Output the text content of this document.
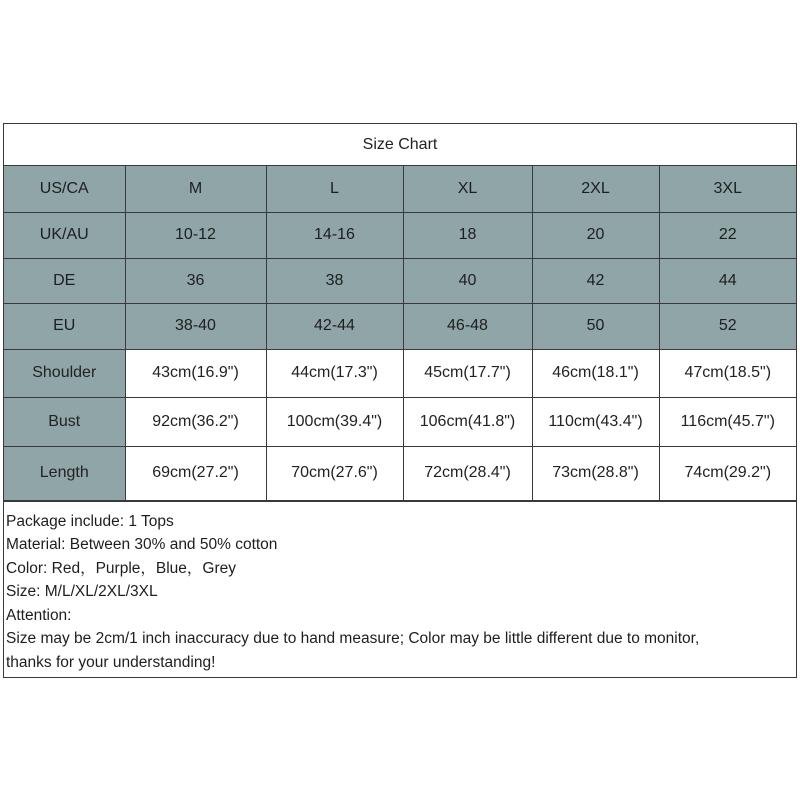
Size Chart
US/CA	M	L	XL	2XL	3XL
UK/AU	10-12	14-16	18	20	22
DE	36	38	40	42	44
EU	38-40	42-44	46-48	50	52
Shoulder	43cm(16.9")	44cm(17.3")	45cm(17.7")	46cm(18.1")	47cm(18.5")
Bust	92cm(36.2")	100cm(39.4")	106cm(41.8")	110cm(43.4")	116cm(45.7")
Length	69cm(27.2")	70cm(27.6")	72cm(28.4")	73cm(28.8")	74cm(29.2")
Package include: 1 Tops
Material: Between 30% and 50% cotton
Color: Red，Purple，Blue，Grey
Size: M/L/XL/2XL/3XL
Attention:
Size may be 2cm/1 inch inaccuracy due to hand measure; Color may be little different due to monitor,
thanks for your understanding!
